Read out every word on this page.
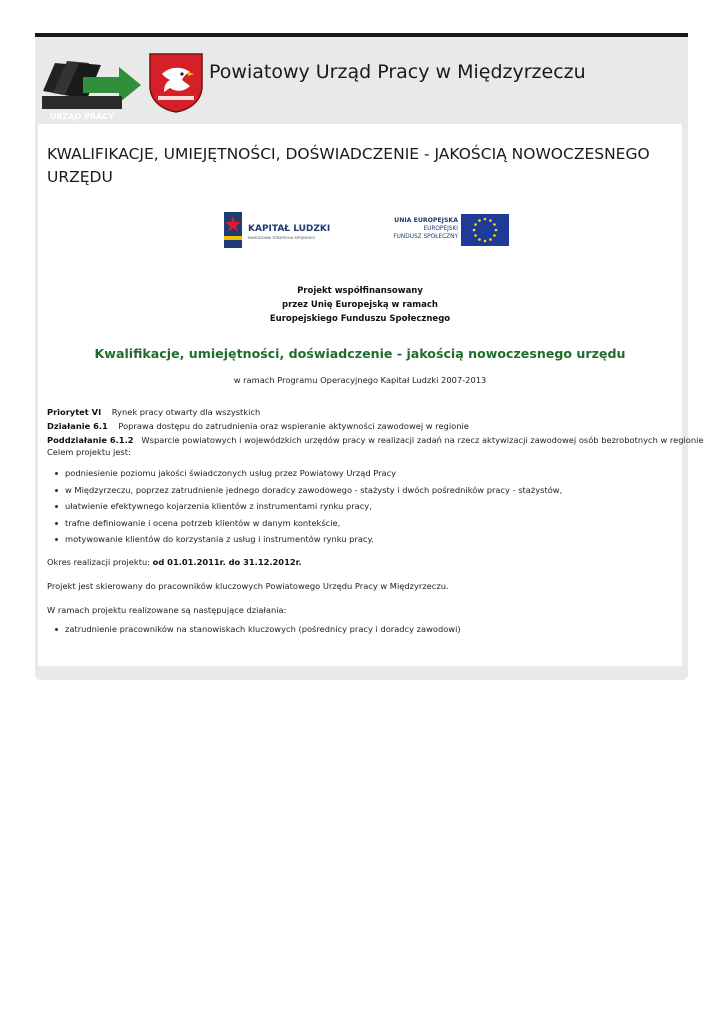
URZĄD PRACY
Powiatowy Urząd Pracy w Międzyrzeczu
KWALIFIKACJE, UMIEJĘTNOŚCI, DOŚWIADCZENIE - JAKOŚCIĄ NOWOCZESNEGO URZĘDU
KAPITAŁ LUDZKI
NARODOWA STRATEGIA SPÓJNOŚCI
UNIA EUROPEJSKA
EUROPEJSKI
FUNDUSZ SPOŁECZNY
Projekt współfinansowany
przez Unię Europejską w ramach
Europejskiego Funduszu Społecznego
Kwalifikacje, umiejętności, doświadczenie - jakością nowoczesnego urzędu
w ramach Programu Operacyjnego Kapitał Ludzki 2007-2013
Priorytet VI Rynek pracy otwarty dla wszystkich
Działanie 6.1 Poprawa dostępu do zatrudnienia oraz wspieranie aktywności zawodowej w regionie
Poddziałanie 6.1.2 Wsparcie powiatowych i wojewódzkich urzędów pracy w realizacji zadań na rzecz aktywizacji zawodowej osób bezrobotnych w regionie
Celem projektu jest:
podniesienie poziomu jakości świadczonych usług przez Powiatowy Urząd Pracy
w Międzyrzeczu, poprzez zatrudnienie jednego doradcy zawodowego - stażysty i dwóch pośredników pracy - stażystów,
ułatwienie efektywnego kojarzenia klientów z instrumentami rynku pracy,
trafne definiowanie i ocena potrzeb klientów w danym kontekście,
motywowanie klientów do korzystania z usług i instrumentów rynku pracy.
Okres realizacji projektu: od 01.01.2011r. do 31.12.2012r.
Projekt jest skierowany do pracowników kluczowych Powiatowego Urzędu Pracy w Międzyrzeczu.
W ramach projektu realizowane są następujące działania:
zatrudnienie pracowników na stanowiskach kluczowych (pośrednicy pracy i doradcy zawodowi)
